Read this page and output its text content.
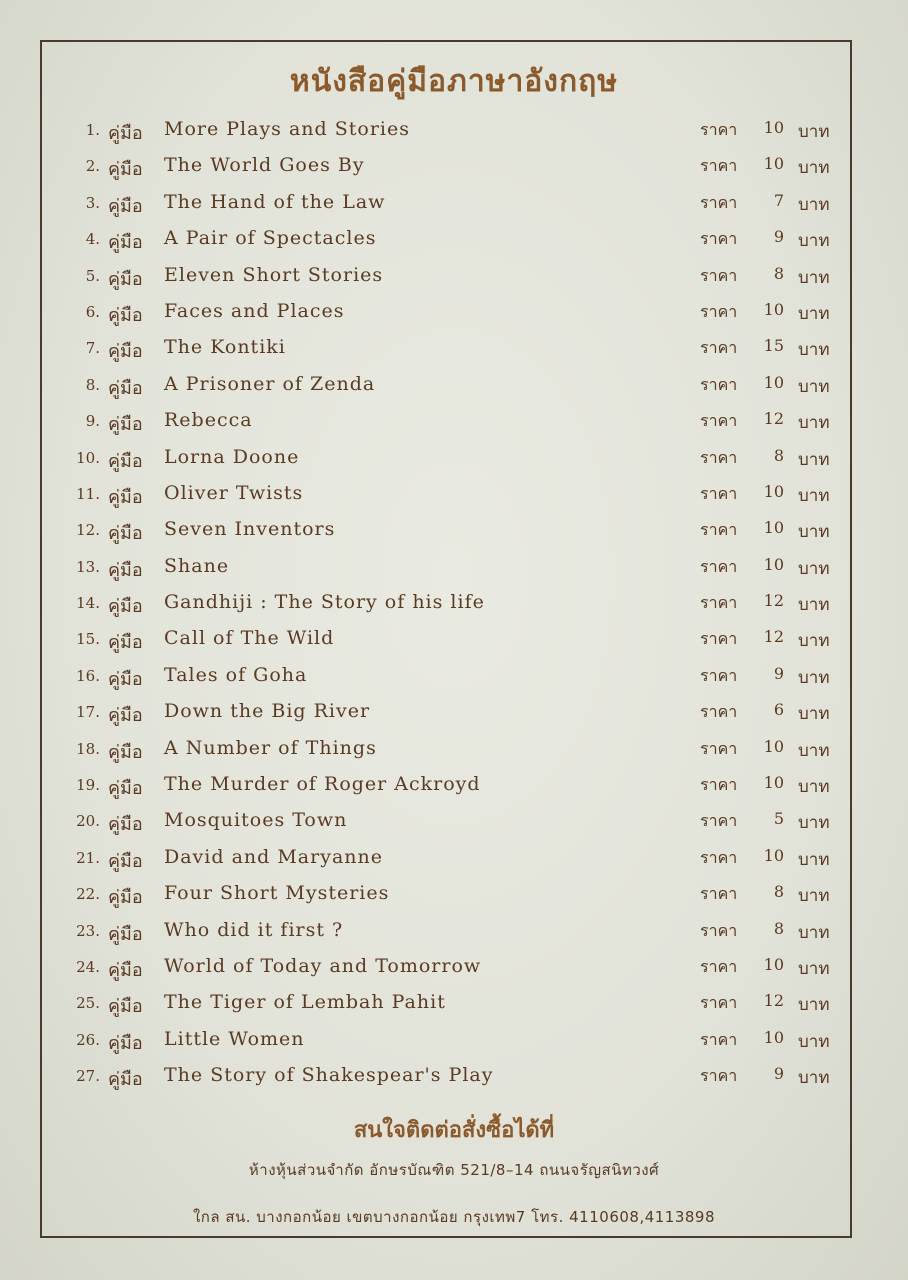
หนังสือคู่มือภาษาอังกฤษ
1. คู่มือ More Plays and Stories	ราคา	10 บาท
2. คู่มือ The World Goes By	ราคา	10 บาท
3. คู่มือ The Hand of the Law	ราคา	7 บาท
4. คู่มือ A Pair of Spectacles	ราคา	9 บาท
5. คู่มือ Eleven Short Stories	ราคา	8 บาท
6. คู่มือ Faces and Places	ราคา	10 บาท
7. คู่มือ The Kontiki	ราคา	15 บาท
8. คู่มือ A Prisoner of Zenda	ราคา	10 บาท
9. คู่มือ Rebecca	ราคา	12 บาท
10. คู่มือ Lorna Doone	ราคา	8 บาท
11. คู่มือ Oliver Twists	ราคา	10 บาท
12. คู่มือ Seven Inventors	ราคา	10 บาท
13. คู่มือ Shane	ราคา	10 บาท
14. คู่มือ Gandhiji : The Story of his life	ราคา	12 บาท
15. คู่มือ Call of The Wild	ราคา	12 บาท
16. คู่มือ Tales of Goha	ราคา	9 บาท
17. คู่มือ Down the Big River	ราคา	6 บาท
18. คู่มือ A Number of Things	ราคา	10 บาท
19. คู่มือ The Murder of Roger Ackroyd	ราคา	10 บาท
20. คู่มือ Mosquitoes Town	ราคา	5 บาท
21. คู่มือ David and Maryanne	ราคา	10 บาท
22. คู่มือ Four Short Mysteries	ราคา	8 บาท
23. คู่มือ Who did it first ?	ราคา	8 บาท
24. คู่มือ World of Today and Tomorrow	ราคา	10 บาท
25. คู่มือ The Tiger of Lembah Pahit	ราคา	12 บาท
26. คู่มือ Little Women	ราคา	10 บาท
27. คู่มือ The Story of Shakespear's Play	ราคา	9 บาท
สนใจติดต่อสั่งซื้อได้ที่
ห้างหุ้นส่วนจำกัด อักษรบัณฑิต 521/8–14 ถนนจรัญสนิทวงศ์
ใกล สน. บางกอกน้อย เขตบางกอกน้อย กรุงเทพ7 โทร. 4110608,4113898
